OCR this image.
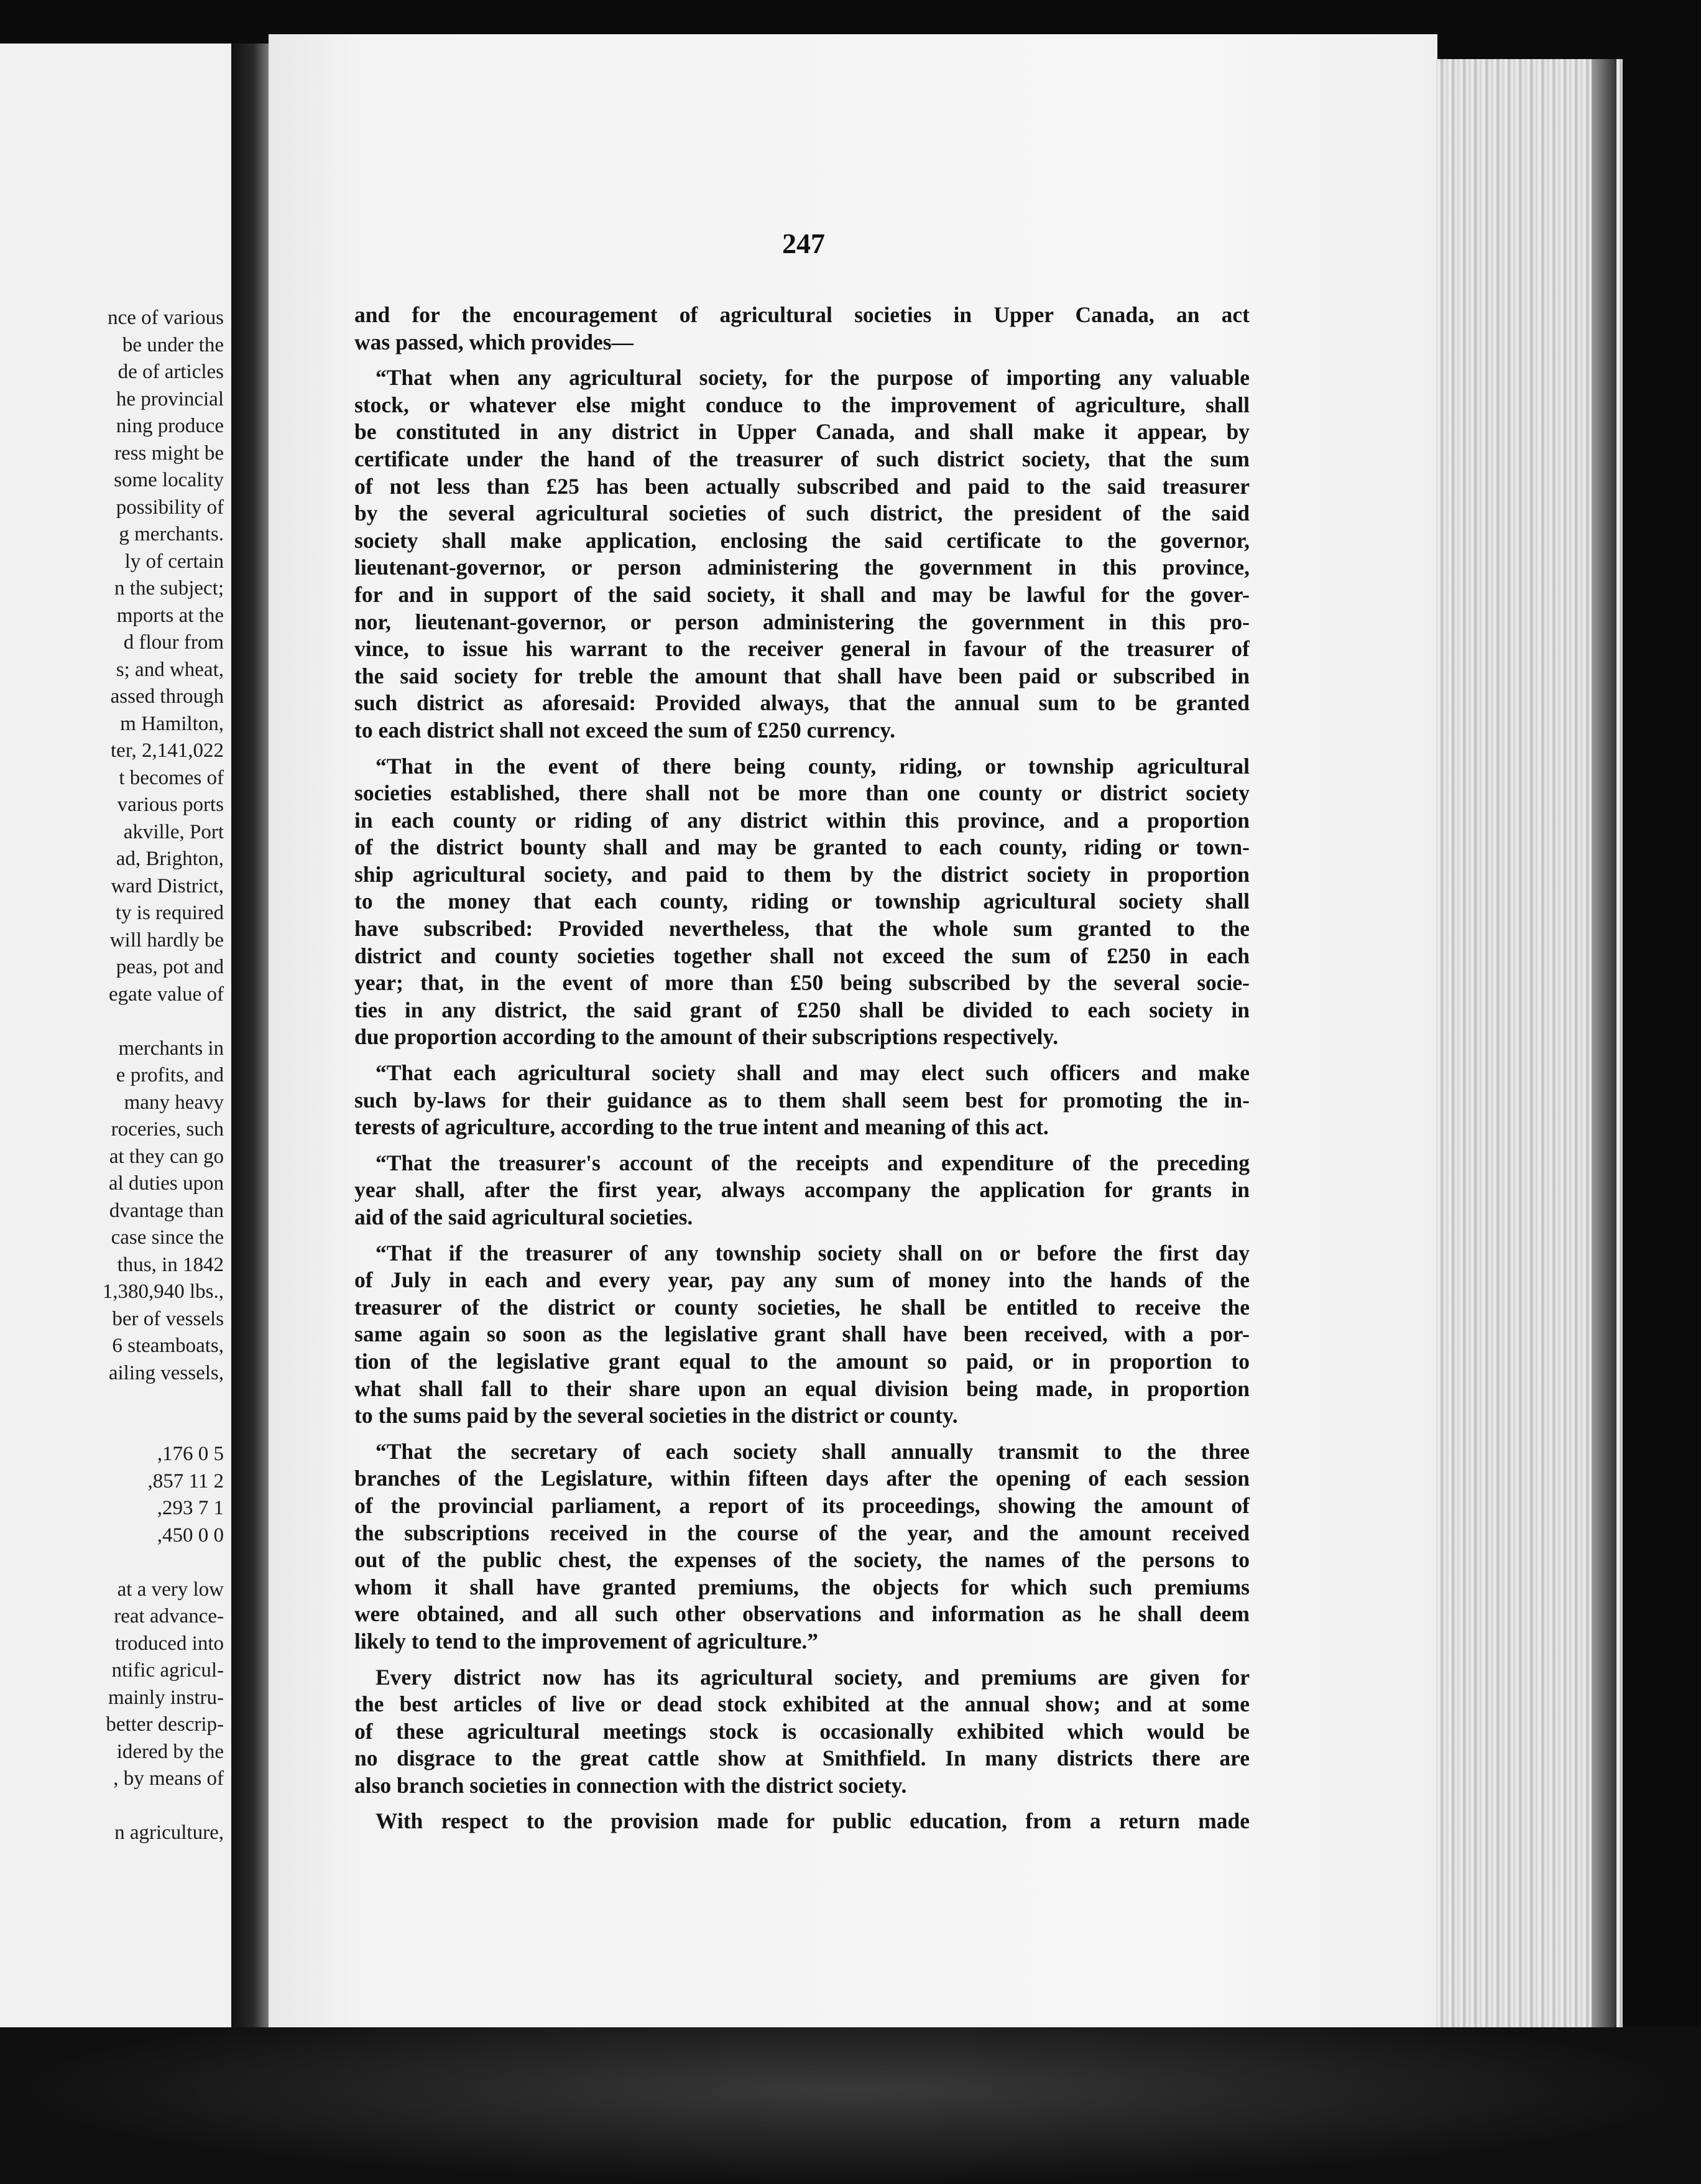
nce of various
be under the
de of articles
he provincial
ning produce
ress might be
some locality
possibility of
g merchants.
ly of certain
n the subject;
mports at the
d flour from
s; and wheat,
assed through
m Hamilton,
ter, 2,141,022
t becomes of
various ports
akville, Port
ad, Brighton,
ward District,
ty is required
will hardly be
peas, pot and
egate value of
merchants in
e profits, and
many heavy
roceries, such
at they can go
al duties upon
dvantage than
case since the
thus, in 1842
1,380,940 lbs.,
ber of vessels
6 steamboats,
ailing vessels,
,176 0 5
,857 11 2
,293 7 1
,450 0 0
at a very low
reat advance-
troduced into
ntific agricul-
mainly instru-
better descrip-
idered by the
, by means of
n agriculture,
247
and for the encouragement of agricultural societies in Upper Canada, an act
was passed, which provides—
“That when any agricultural society, for the purpose of importing any valuable
stock, or whatever else might conduce to the improvement of agriculture, shall
be constituted in any district in Upper Canada, and shall make it appear, by
certificate under the hand of the treasurer of such district society, that the sum
of not less than £25 has been actually subscribed and paid to the said treasurer
by the several agricultural societies of such district, the president of the said
society shall make application, enclosing the said certificate to the governor,
lieutenant-governor, or person administering the government in this province,
for and in support of the said society, it shall and may be lawful for the gover-
nor, lieutenant-governor, or person administering the government in this pro-
vince, to issue his warrant to the receiver general in favour of the treasurer of
the said society for treble the amount that shall have been paid or subscribed in
such district as aforesaid: Provided always, that the annual sum to be granted
to each district shall not exceed the sum of £250 currency.
“That in the event of there being county, riding, or township agricultural
societies established, there shall not be more than one county or district society
in each county or riding of any district within this province, and a proportion
of the district bounty shall and may be granted to each county, riding or town-
ship agricultural society, and paid to them by the district society in proportion
to the money that each county, riding or township agricultural society shall
have subscribed: Provided nevertheless, that the whole sum granted to the
district and county societies together shall not exceed the sum of £250 in each
year; that, in the event of more than £50 being subscribed by the several socie-
ties in any district, the said grant of £250 shall be divided to each society in
due proportion according to the amount of their subscriptions respectively.
“That each agricultural society shall and may elect such officers and make
such by-laws for their guidance as to them shall seem best for promoting the in-
terests of agriculture, according to the true intent and meaning of this act.
“That the treasurer's account of the receipts and expenditure of the preceding
year shall, after the first year, always accompany the application for grants in
aid of the said agricultural societies.
“That if the treasurer of any township society shall on or before the first day
of July in each and every year, pay any sum of money into the hands of the
treasurer of the district or county societies, he shall be entitled to receive the
same again so soon as the legislative grant shall have been received, with a por-
tion of the legislative grant equal to the amount so paid, or in proportion to
what shall fall to their share upon an equal division being made, in proportion
to the sums paid by the several societies in the district or county.
“That the secretary of each society shall annually transmit to the three
branches of the Legislature, within fifteen days after the opening of each session
of the provincial parliament, a report of its proceedings, showing the amount of
the subscriptions received in the course of the year, and the amount received
out of the public chest, the expenses of the society, the names of the persons to
whom it shall have granted premiums, the objects for which such premiums
were obtained, and all such other observations and information as he shall deem
likely to tend to the improvement of agriculture.”
Every district now has its agricultural society, and premiums are given for
the best articles of live or dead stock exhibited at the annual show; and at some
of these agricultural meetings stock is occasionally exhibited which would be
no disgrace to the great cattle show at Smithfield. In many districts there are
also branch societies in connection with the district society.
With respect to the provision made for public education, from a return made
